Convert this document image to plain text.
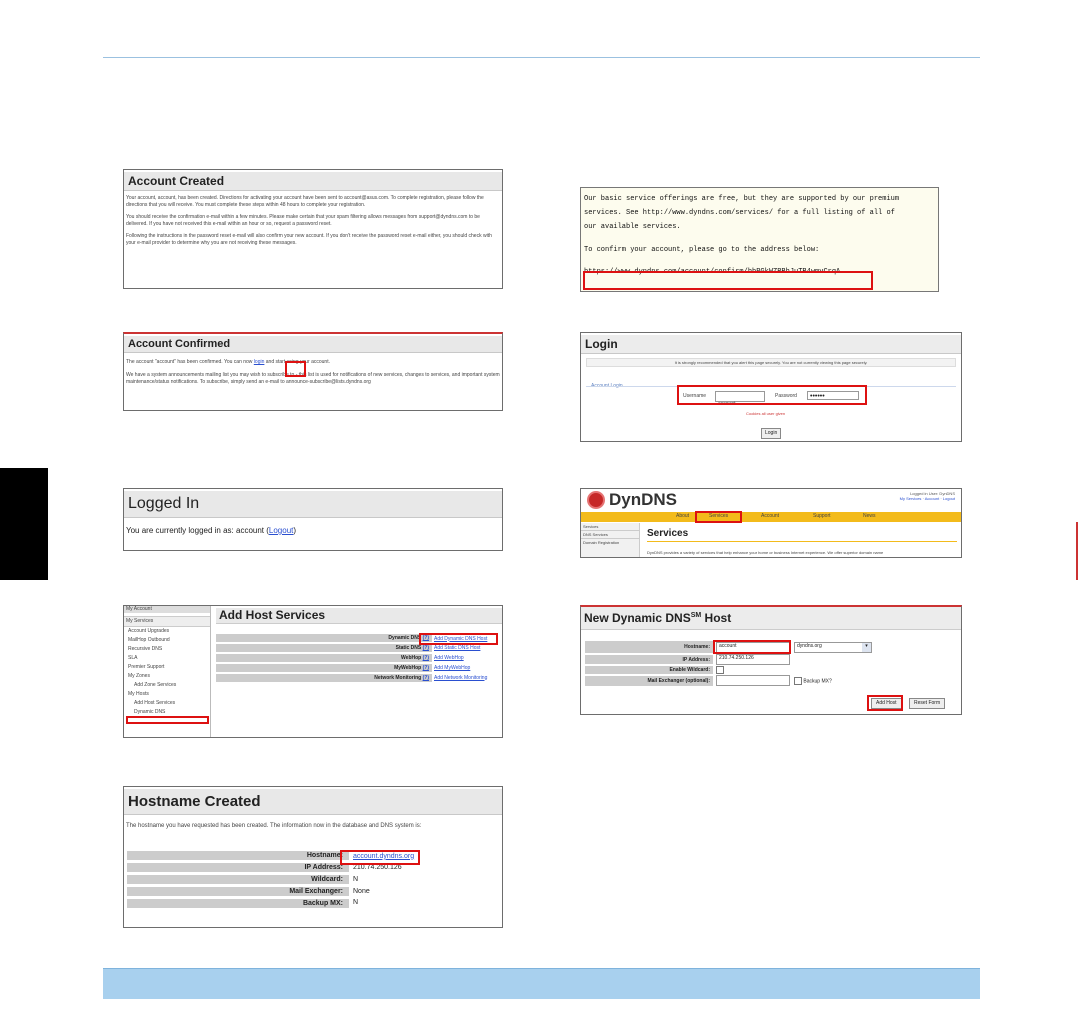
Account Created
Your account, account, has been created. Directions for activating your account have been sent to account@asus.com. To complete registration, please follow the directions that you will receive. You must complete these steps within 48 hours to complete your registration.
You should receive the confirmation e-mail within a few minutes. Please make certain that your spam filtering allows messages from support@dyndns.com to be delivered. If you have not received this e-mail within an hour or so, request a password reset.
Following the instructions in the password reset e-mail will also confirm your new account. If you don't receive the password reset e-mail either, you should check with your e-mail provider to determine why you are not receiving these messages.
Our basic service offerings are free, but they are supported by our premium
services. See http://www.dyndns.com/services/ for a full listing of all of
our available services.
To confirm your account, please go to the address below:
https://www.dyndns.com/account/confirm/hhRGkWZBBhJuTB4wmvCrqA
Account Confirmed
The account "account" has been confirmed. You can now login and start using your account.
We have a system announcements mailing list you may wish to subscribe to - this list is used for notifications of new services, changes to services, and important system maintenance/status notifications. To subscribe, simply send an e-mail to announce-subscribe@lists.dyndns.org
Login
It is strongly recommended that you alert this page securely. You are not currently viewing this page securely.
Username
account
Password	••••••
Cookies all user given
Login
Logged In
You are currently logged in as: account (Logout)
DynDNS	Logged in User: DynDNS
My Services · Account · Logout
About	Services	Account	Support	News
Services
DNS Services
Domain Registration
Services
DynDNS provides a variety of services that help enhance your home or business Internet experience. We offer superior domain name
My Account
My Services
Account Upgrades
MailHop Outbound
Recursive DNS
SLA
Premier Support
My Zones
Add Zone Services
My Hosts
Add Host Services
Dynamic DNS
Add Host Services
Dynamic DNS (?)	Add Dynamic DNS Host
Static DNS (?)	Add Static DNS Host
WebHop (?)	Add WebHop
MyWebHop (?)	Add MyWebHop
Network Monitoring (?)	Add Network Monitoring
New Dynamic DNS℠ Host
Hostname:	account	dyndns.org ▾

IP Address:	210.74.250.126	

Enable Wildcard:		

Mail Exchanger (optional):		Backup MX?
Add Host	Reset Form
Hostname Created
The hostname you have requested has been created. The information now in the database and DNS system is:
Hostname:	account.dyndns.org
IP Address:	210.74.250.126
Wildcard:	N
Mail Exchanger:	None
Backup MX:	N
